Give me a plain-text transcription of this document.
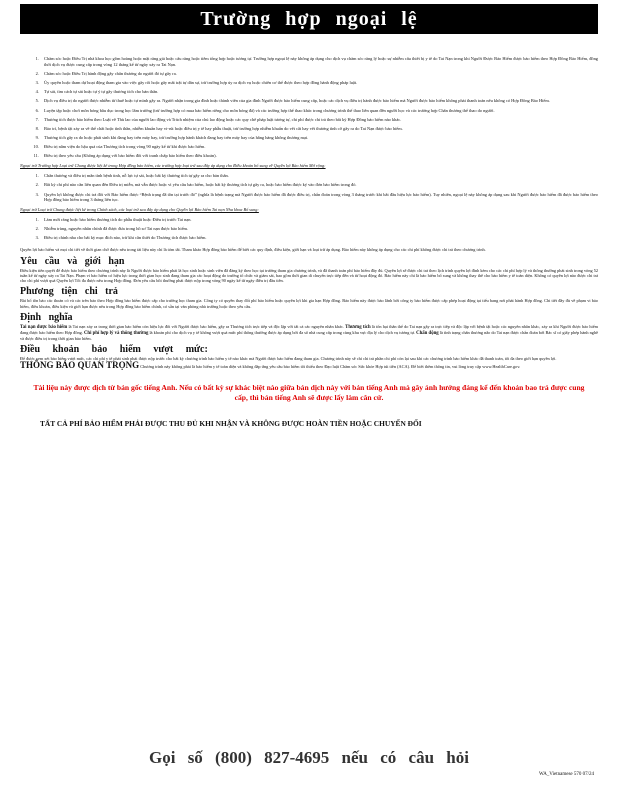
Trường hợp ngoại lệ
1. Chăm sóc hoặc Điều Trị nhà khoa học gồm hoàng hoặc mặt răng giả hoặc cấu răng hoặc tiêm tổng hợp hoặc tương tự. Trường hợp ngoại lệ này không áp dụng cho dịch vụ chăm sóc răng lý hoặc sự nhiễm cấu thiết bị y tế do Tai Nạn trong khi Người Được Bảo Hiểm được bảo hiểm theo Hợp Đồng Bảo Hiểm, đồng thời dịch vụ được cung cấp trong vòng 12 tháng kể từ ngày xảy ra Tai Nạn.
2. Chăm sóc hoặc Điều Trị hành động gây chấn thương do người đó tự gây ra.
3. Ủy quyền hoặc tham dự hoạt động tham gia vào việc gây rối hoặc gây mất trật tự dân sự, trừ trường hợp ủy ra dịch vụ hoặc chiến cơ thể được theo hợp đồng hành động pháp luật.
4. Tự sát, tìm cách tự sát hoặc tự ý tự gây thương tích cho bản thân.
5. Dịch vụ điều trị do người được nhiễm từ thuế hoặc tự mình gây ra. Người nhận trong gia đình hoặc thành viên của gia đình Người được bảo hiểm cung cấp, hoặc các dịch vụ điều trị hành được bảo hiểm mà Người được bảo hiểm không phải thanh toán nếu không có Hợp Đồng Bảo Hiểm.
6. Luyện tập hoặc chơi môn bóng bầu dục trong học lâm trường (trừ trường hợp có mua bảo hiểm riêng cho môn bóng đá) và các trường hợp thể thao khác trong chương trình thể thao liên quan đến người học và các trường hợp Chấn thương thể thao do người.
7. Thương tích được bảo hiểm theo Luật về Thù lao của người lao động và Trách nhiệm của chủ lao động hoặc các quy chế pháp luật tương tự, chi phí được chi trả theo bất kỳ Hợp Đồng bảo hiểm nào khác.
8. Bảo trì, bệnh tật xảy ra về thể chất hoặc tình thần, nhiễm khuẩn hay vi-rút hoặc điều trị y tế hay phẫu thuật, trừ trường hợp nhiễm khuẩn do vết cắt hay vết thương tình cờ gây ra do Tai Nạn được bảo hiểm.
9. Thương tích gây ra do hoặc phát sinh khi đang bay trên máy bay, trừ trường hợp hành khách đang bay trên máy bay của hãng hàng không thương mại.
10. Điều trị nằm viện do hậu quả của Thương tích trong vòng 90 ngày kể từ khi được bảo hiểm.
11. Điều trị theo yêu cầu (Không áp dụng với bảo hiểm đối với tranh chấp bảo hiểm theo điều khoản).
Ngoại trừ Trường hợp Loại trừ Chung được liệt kê trong Hợp đồng bảo hiểm, các trường hợp loại trừ sau đây áp dụng cho Điều khoản bổ sung về Quyền lợi Bảo hiểm Mở rộng:
1. Chấn thương và điều trị mãn tính bệnh tinh, nỗ lực tự sát, hoặc bất kỳ thương tích tự gây ra cho bản thân.
2. Bất kỳ chi phí nào cần liên quan đến Điều trị miễn, mà vẫn được hoặc vì yêu cầu bảo hiểm, hoặc bất kỳ thương tích tự gây ra, hoặc bảo hiểm được ký vào đơn bảo hiểm trong đó.
3. Quyền lợi không được chi trả đối với Bảo hiểm được “Bệnh trạng đã tồn tại trước đó” (nghĩa là bệnh trạng mà Người được bảo hiểm đã được điều trị, chẩn đoán trong vòng 3 tháng trước khi bắt đầu hiệu lực bảo hiểm). Tuy nhiên, ngoại lệ này không áp dụng sau khi Người được bảo hiểm đã được bảo hiểm theo Hợp đồng bảo hiểm trong 3 tháng liên tục.
Ngoại trừ Loại trừ Chung được liệt kê trong Chính sách, các loại trừ sau đây áp dụng cho Quyền lợi Bảo hiểm Tai nạn Nha khoa Bổ sung:
1. Làm mới răng hoặc bảo hiểm thương tích do phẫu thuật hoặc Điều trị trước Tai nạn.
2. Nhiễm trùng, nguyên nhân chính đã được đưa trong hồ sơ Tai nạn được bảo hiểm.
3. Điều trị chỉnh nha cho bất kỳ mục đích nào, trừ khi cần thiết do Thương tích được bảo hiểm.
Quyền lợi bảo hiểm và mọi chi tiết về thời gian chờ được nêu trong tài liệu này chỉ là tóm tắt. Tham khảo Hợp đồng bảo hiểm để biết các quy định, điều kiện, giới hạn và loại trừ áp dụng. Bảo hiểm này không áp dụng cho các chi phí không được chi trả theo chương trình.
Yêu cầu và giới hạn
Điều kiện tiên quyết để được bảo hiểm theo chương trình này là Người được bảo hiểm phải là học sinh hoặc sinh viên đã đăng ký theo học tại trường tham gia chương trình, và đã thanh toán phí bảo hiểm đầy đủ. Quyền lợi sẽ được chi trả theo lịch trình quyền lợi đính kèm cho các chi phí hợp lý và thông thường phát sinh trong vòng 52 tuần kể từ ngày xảy ra Tai Nạn. Phạm vi bảo hiểm có hiệu lực trong thời gian học sinh đang tham gia các hoạt động do trường tổ chức và giám sát, bao gồm thời gian di chuyển trực tiếp đến và từ hoạt động đó. Bảo hiểm này chỉ là bảo hiểm bổ sung và không thay thế cho bảo hiểm y tế toàn diện. Không có quyền lợi nào được chi trả cho chi phí vượt quá Quyền lợi Tối đa được nêu trong Hợp đồng. Đơn yêu cầu bồi thường phải được nộp trong vòng 90 ngày kể từ ngày điều trị đầu tiên.
Phương tiện chi trả
Bài bổ tồn bảo các thoản có và các trên bảo theo Hợp đồng bảo hiểm được cấp cho trường học tham gia. Công ty có quyền thay đổi phí bảo hiểm hoặc quyền lợi khi gia hạn Hợp đồng. Bảo hiểm này được bảo lãnh bởi công ty bảo hiểm được cấp phép hoạt động tại tiểu bang nơi phát hành Hợp đồng. Chi tiết đầy đủ về phạm vi bảo hiểm, điều khoản, điều kiện và giới hạn được nêu trong Hợp đồng bảo hiểm chính, có sẵn tại văn phòng nhà trường hoặc theo yêu cầu.
Định nghĩa
Tai nạn được bảo hiểm là Tai nạn xảy ra trong thời gian bảo hiểm còn hiệu lực đối với Người được bảo hiểm, gây ra Thương tích trực tiếp và độc lập với tất cả các nguyên nhân khác. Thương tích là tổn hại thân thể do Tai nạn gây ra trực tiếp và độc lập với bệnh tật hoặc các nguyên nhân khác, xảy ra khi Người được bảo hiểm đang được bảo hiểm theo Hợp đồng. Chi phí hợp lý và thông thường là khoản phí cho dịch vụ y tế không vượt quá mức phí thông thường được áp dụng bởi đa số nhà cung cấp trong cùng khu vực địa lý cho dịch vụ tương tự. Chấn động là tình trạng chấn thương não do Tai nạn được chẩn đoán bởi Bác sĩ có giấy phép hành nghề và được điều trị trong thời gian bảo hiểm.
Điều khoản bảo hiểm vượt mức:
Để được xem xét bảo hiểm vượt mức, các chi phí y tế phát sinh phải được nộp trước cho bất kỳ chương trình bảo hiểm y tế nào khác mà Người được bảo hiểm đang tham gia. Chương trình này sẽ chỉ chi trả phần chi phí còn lại sau khi các chương trình bảo hiểm khác đã thanh toán, tối đa theo giới hạn quyền lợi.
THÔNG BÁO QUAN TRỌNG Chương trình này không phải là bảo hiểm y tế toàn diện và không đáp ứng yêu cầu bảo hiểm tối thiểu theo Đạo luật Chăm sóc Sức khỏe Hợp túi tiền (ACA). Để biết thêm thông tin, vui lòng truy cập www.HealthCare.gov.
Tài liệu này được dịch từ bản gốc tiếng Anh. Nếu có bất kỳ sự khác biệt nào giữa bản dịch này với bản tiếng Anh mà gây ảnh hưởng đáng kể đến khoản bao trả được cung cấp, thì bản tiếng Anh sẽ được lấy làm căn cứ.
TẤT CẢ PHÍ BẢO HIỂM PHẢI ĐƯỢC THU ĐỦ KHI NHẬN VÀ KHÔNG ĐƯỢC HOÀN TIỀN HOẶC CHUYỂN ĐỔI
Gọi số (800) 827-4695 nếu có câu hỏi
WA_Vietnamese 570 07/24
